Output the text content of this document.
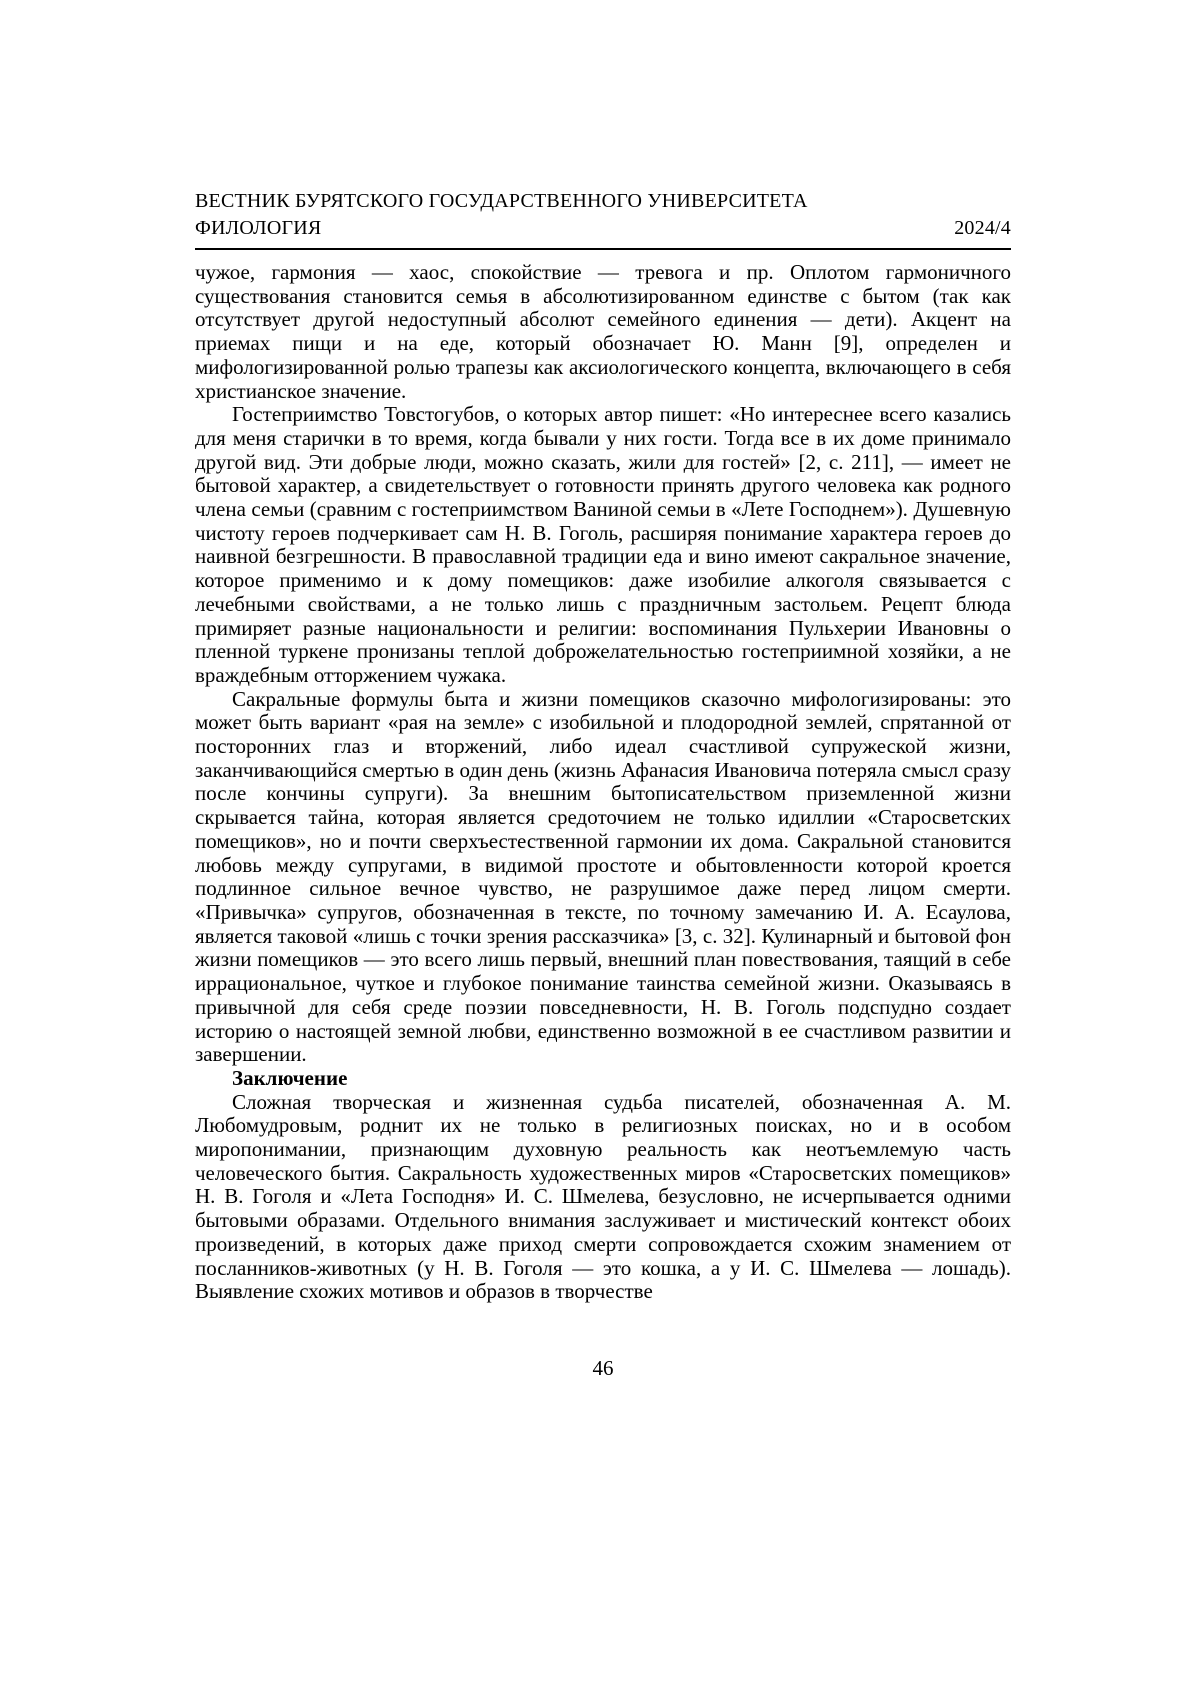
ВЕСТНИК БУРЯТСКОГО ГОСУДАРСТВЕННОГО УНИВЕРСИТЕТА
ФИЛОЛОГИЯ	2024/4

чужое, гармония — хаос, спокойствие — тревога и пр. Оплотом гармоничного существования становится семья в абсолютизированном единстве с бытом (так как отсутствует другой недоступный абсолют семейного единения — дети). Акцент на приемах пищи и на еде, который обозначает Ю. Манн [9], определен и мифологизированной ролью трапезы как аксиологического концепта, включающего в себя христианское значение.

Гостеприимство Товстогубов, о которых автор пишет: «Но интереснее всего казались для меня старички в то время, когда бывали у них гости. Тогда все в их доме принимало другой вид. Эти добрые люди, можно сказать, жили для гостей» [2, с. 211], — имеет не бытовой характер, а свидетельствует о готовности принять другого человека как родного члена семьи (сравним с гостеприимством Ваниной семьи в «Лете Господнем»). Душевную чистоту героев подчеркивает сам Н. В. Гоголь, расширяя понимание характера героев до наивной безгрешности. В православной традиции еда и вино имеют сакральное значение, которое применимо и к дому помещиков: даже изобилие алкоголя связывается с лечебными свойствами, а не только лишь с праздничным застольем. Рецепт блюда примиряет разные национальности и религии: воспоминания Пульхерии Ивановны о пленной туркене пронизаны теплой доброжелательностью гостеприимной хозяйки, а не враждебным отторжением чужака.

Сакральные формулы быта и жизни помещиков сказочно мифологизированы: это может быть вариант «рая на земле» с изобильной и плодородной землей, спрятанной от посторонних глаз и вторжений, либо идеал счастливой супружеской жизни, заканчивающийся смертью в один день (жизнь Афанасия Ивановича потеряла смысл сразу после кончины супруги). За внешним бытописательством приземленной жизни скрывается тайна, которая является средоточием не только идиллии «Старосветских помещиков», но и почти сверхъестественной гармонии их дома. Сакральной становится любовь между супругами, в видимой простоте и обытовленности которой кроется подлинное сильное вечное чувство, не разрушимое даже перед лицом смерти. «Привычка» супругов, обозначенная в тексте, по точному замечанию И. А. Есаулова, является таковой «лишь с точки зрения рассказчика» [3, с. 32]. Кулинарный и бытовой фон жизни помещиков — это всего лишь первый, внешний план повествования, таящий в себе иррациональное, чуткое и глубокое понимание таинства семейной жизни. Оказываясь в привычной для себя среде поэзии повседневности, Н. В. Гоголь подспудно создает историю о настоящей земной любви, единственно возможной в ее счастливом развитии и завершении.

Заключение

Сложная творческая и жизненная судьба писателей, обозначенная А. М. Любомудровым, роднит их не только в религиозных поисках, но и в особом миропонимании, признающим духовную реальность как неотъемлемую часть человеческого бытия. Сакральность художественных миров «Старосветских помещиков» Н. В. Гоголя и «Лета Господня» И. С. Шмелева, безусловно, не исчерпывается одними бытовыми образами. Отдельного внимания заслуживает и мистический контекст обоих произведений, в которых даже приход смерти сопровождается схожим знамением от посланников-животных (у Н. В. Гоголя — это кошка, а у И. С. Шмелева — лошадь). Выявление схожих мотивов и образов в творчестве

46
